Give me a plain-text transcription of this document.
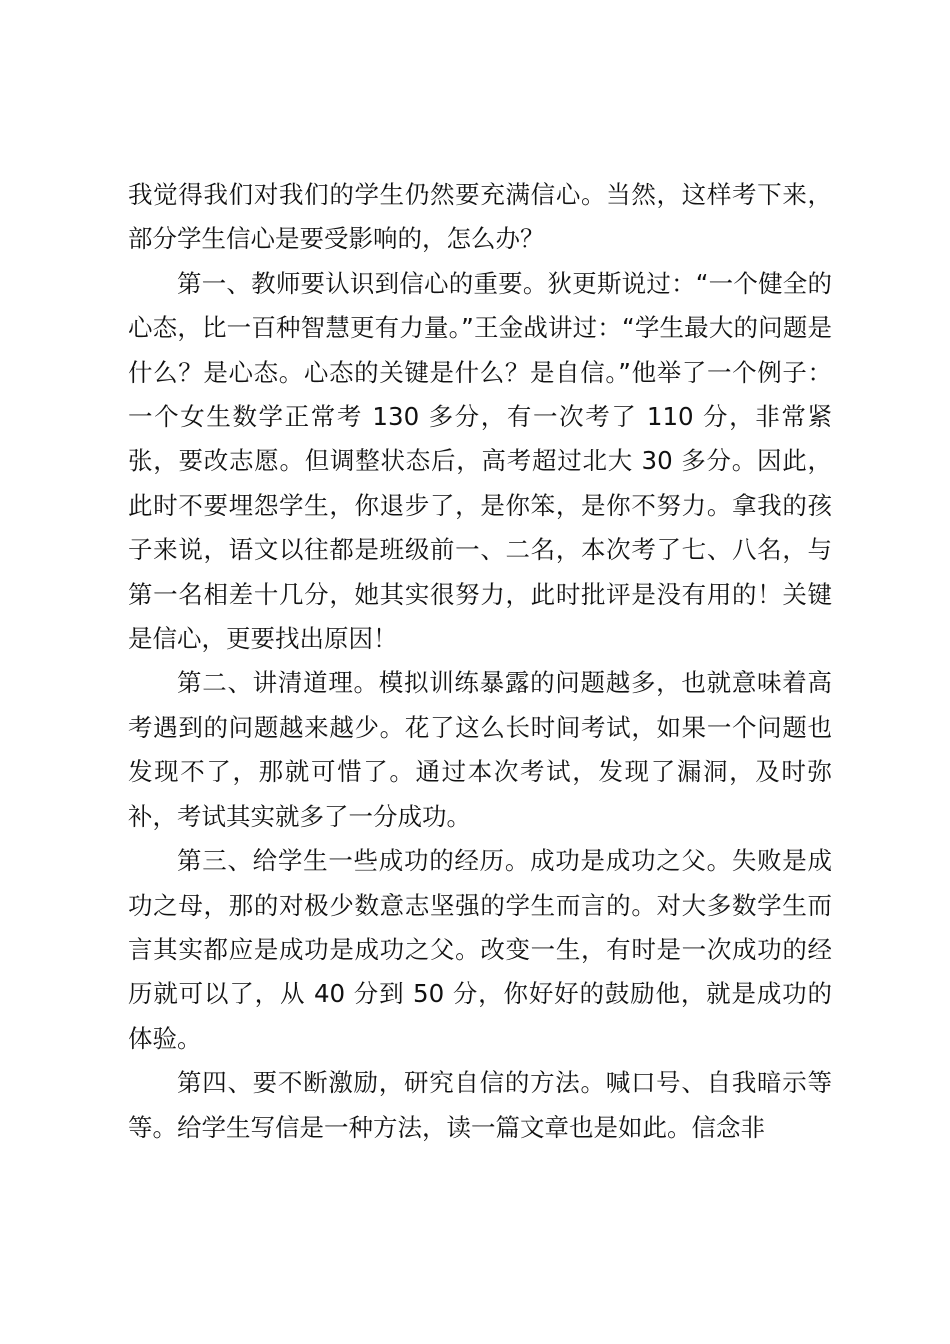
我觉得我们对我们的学生仍然要充满信心。当然，这样考下来，部分学生信心是要受影响的，怎么办？

第一、教师要认识到信心的重要。狄更斯说过：“一个健全的心态，比一百种智慧更有力量。”王金战讲过：“学生最大的问题是什么？是心态。心态的关键是什么？是自信。”他举了一个例子：一个女生数学正常考 130 多分，有一次考了 110 分，非常紧张，要改志愿。但调整状态后，高考超过北大 30 多分。因此，此时不要埋怨学生，你退步了，是你笨，是你不努力。拿我的孩子来说，语文以往都是班级前一、二名，本次考了七、八名，与第一名相差十几分，她其实很努力，此时批评是没有用的！关键是信心，更要找出原因！

第二、讲清道理。模拟训练暴露的问题越多，也就意味着高考遇到的问题越来越少。花了这么长时间考试，如果一个问题也发现不了，那就可惜了。通过本次考试，发现了漏洞，及时弥补，考试其实就多了一分成功。

第三、给学生一些成功的经历。成功是成功之父。失败是成功之母，那的对极少数意志坚强的学生而言的。对大多数学生而言其实都应是成功是成功之父。改变一生，有时是一次成功的经历就可以了，从 40 分到 50 分，你好好的鼓励他，就是成功的体验。

第四、要不断激励，研究自信的方法。喊口号、自我暗示等等。给学生写信是一种方法，读一篇文章也是如此。信念非
